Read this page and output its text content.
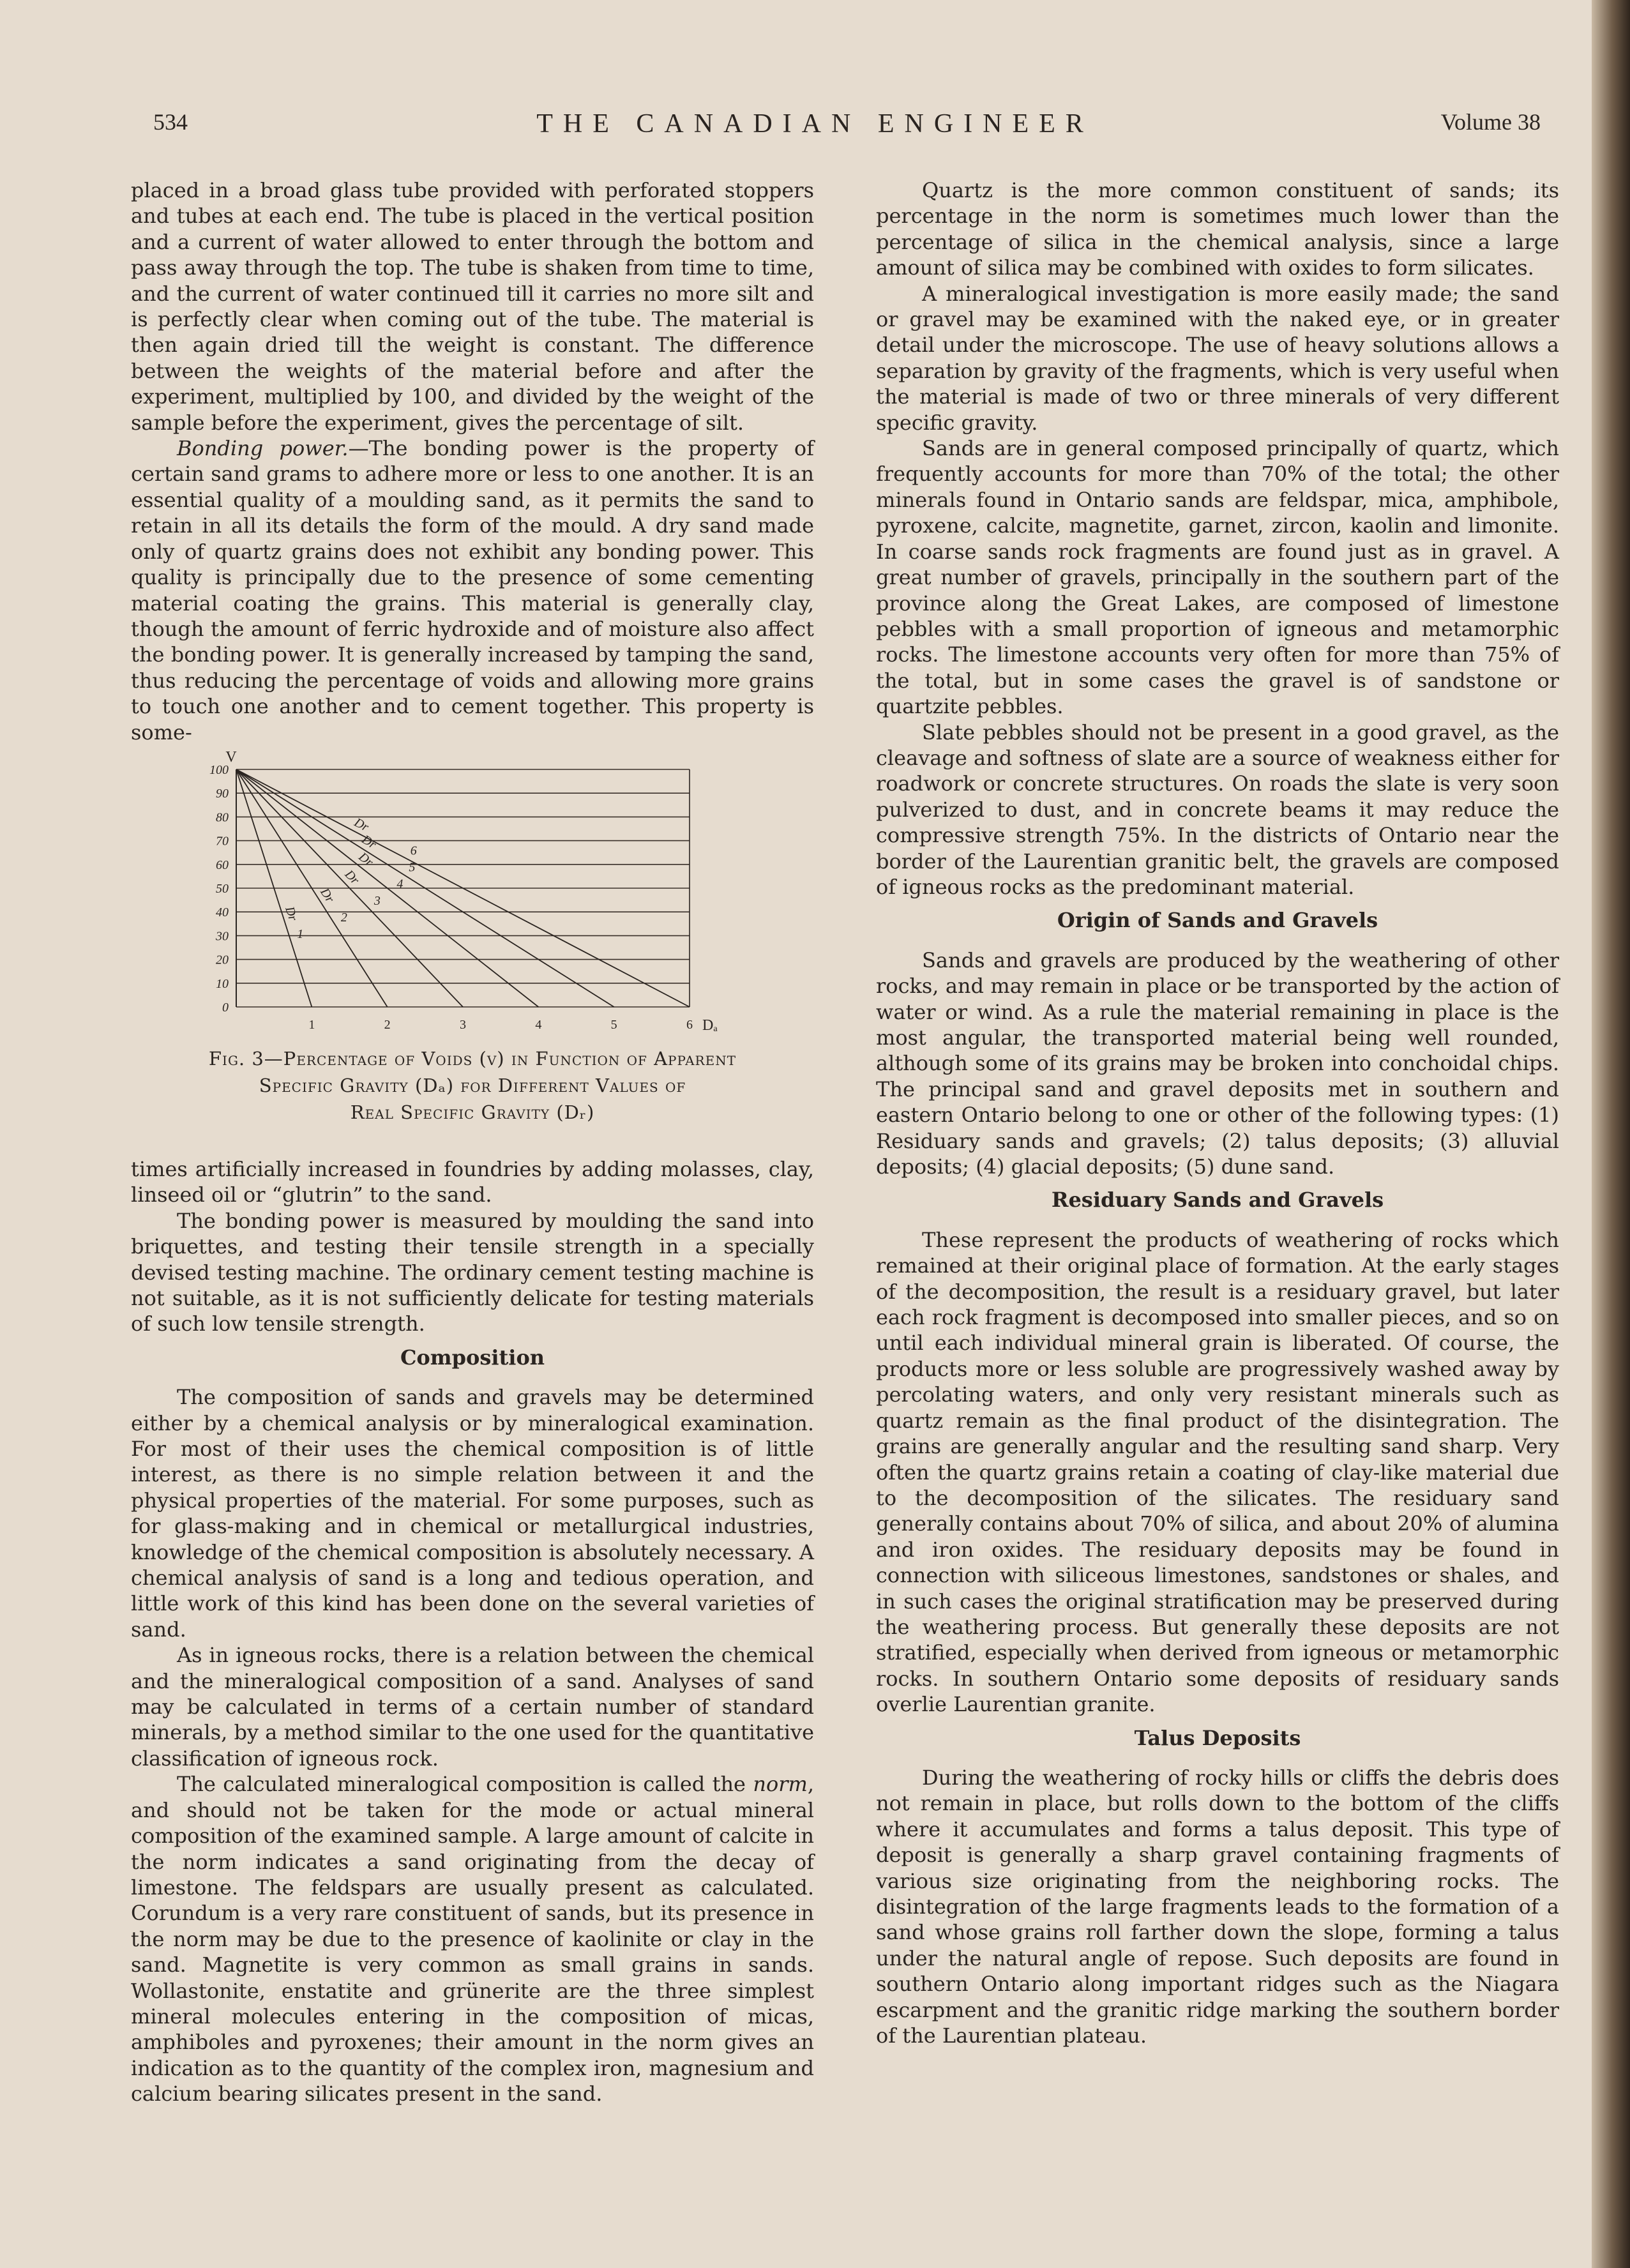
534	THE CANADIAN ENGINEER	Volume 38

placed in a broad glass tube provided with perforated stoppers and tubes at each end. The tube is placed in the vertical position and a current of water allowed to enter through the bottom and pass away through the top. The tube is shaken from time to time, and the current of water continued till it carries no more silt and is perfectly clear when coming out of the tube. The material is then again dried till the weight is constant. The difference between the weights of the material before and after the experiment, multiplied by 100, and divided by the weight of the sample before the experiment, gives the percentage of silt.

Bonding power.—The bonding power is the property of certain sand grams to adhere more or less to one another. It is an essential quality of a moulding sand, as it permits the sand to retain in all its details the form of the mould. A dry sand made only of quartz grains does not exhibit any bonding power. This quality is principally due to the presence of some cementing material coating the grains. This material is generally clay, though the amount of ferric hydroxide and of moisture also affect the bonding power. It is generally increased by tamping the sand, thus reducing the percentage of voids and allowing more grains to touch one another and to cement together. This property is some-

100
90
80
70
60
50
40
30
20
10
0
1	2	3	4	5	6
V
Dₐ
Dr
1
Dr
2
Dr
3
Dr
4
Dr
5
Dr
6
Fig. 3—Percentage of Voids (v) in Function of Apparent
Specific Gravity (Dₐ) for Different Values of
Real Specific Gravity (Dᵣ)

times artificially increased in foundries by adding molasses, clay, linseed oil or “glutrin” to the sand.

The bonding power is measured by moulding the sand into briquettes, and testing their tensile strength in a specially devised testing machine. The ordinary cement testing machine is not suitable, as it is not sufficiently delicate for testing materials of such low tensile strength.

Composition

The composition of sands and gravels may be determined either by a chemical analysis or by mineralogical examination. For most of their uses the chemical composition is of little interest, as there is no simple relation between it and the physical properties of the material. For some purposes, such as for glass-making and in chemical or metallurgical industries, knowledge of the chemical composition is absolutely necessary. A chemical analysis of sand is a long and tedious operation, and little work of this kind has been done on the several varieties of sand.

As in igneous rocks, there is a relation between the chemical and the mineralogical composition of a sand. Analyses of sand may be calculated in terms of a certain number of standard minerals, by a method similar to the one used for the quantitative classification of igneous rock.

The calculated mineralogical composition is called the norm, and should not be taken for the mode or actual mineral composition of the examined sample. A large amount of calcite in the norm indicates a sand originating from the decay of limestone. The feldspars are usually present as calculated. Corundum is a very rare constituent of sands, but its presence in the norm may be due to the presence of kaolinite or clay in the sand. Magnetite is very common as small grains in sands. Wollastonite, enstatite and grünerite are the three simplest mineral molecules entering in the composition of micas, amphiboles and pyroxenes; their amount in the norm gives an indication as to the quantity of the complex iron, magnesium and calcium bearing silicates present in the sand.

Quartz is the more common constituent of sands; its percentage in the norm is sometimes much lower than the percentage of silica in the chemical analysis, since a large amount of silica may be combined with oxides to form silicates.

A mineralogical investigation is more easily made; the sand or gravel may be examined with the naked eye, or in greater detail under the microscope. The use of heavy solutions allows a separation by gravity of the fragments, which is very useful when the material is made of two or three minerals of very different specific gravity.

Sands are in general composed principally of quartz, which frequently accounts for more than 70% of the total; the other minerals found in Ontario sands are feldspar, mica, amphibole, pyroxene, calcite, magnetite, garnet, zircon, kaolin and limonite. In coarse sands rock fragments are found just as in gravel. A great number of gravels, principally in the southern part of the province along the Great Lakes, are composed of limestone pebbles with a small proportion of igneous and metamorphic rocks. The limestone accounts very often for more than 75% of the total, but in some cases the gravel is of sandstone or quartzite pebbles.

Slate pebbles should not be present in a good gravel, as the cleavage and softness of slate are a source of weakness either for roadwork or concrete structures. On roads the slate is very soon pulverized to dust, and in concrete beams it may reduce the compressive strength 75%. In the districts of Ontario near the border of the Laurentian granitic belt, the gravels are composed of igneous rocks as the predominant material.

Origin of Sands and Gravels

Sands and gravels are produced by the weathering of other rocks, and may remain in place or be transported by the action of water or wind. As a rule the material remaining in place is the most angular, the transported material being well rounded, although some of its grains may be broken into conchoidal chips. The principal sand and gravel deposits met in southern and eastern Ontario belong to one or other of the following types: (1) Residuary sands and gravels; (2) talus deposits; (3) alluvial deposits; (4) glacial deposits; (5) dune sand.

Residuary Sands and Gravels

These represent the products of weathering of rocks which remained at their original place of formation. At the early stages of the decomposition, the result is a residuary gravel, but later each rock fragment is decomposed into smaller pieces, and so on until each individual mineral grain is liberated. Of course, the products more or less soluble are progressively washed away by percolating waters, and only very resistant minerals such as quartz remain as the final product of the disintegration. The grains are generally angular and the resulting sand sharp. Very often the quartz grains retain a coating of clay-like material due to the decomposition of the silicates. The residuary sand generally contains about 70% of silica, and about 20% of alumina and iron oxides. The residuary deposits may be found in connection with siliceous limestones, sandstones or shales, and in such cases the original stratification may be preserved during the weathering process. But generally these deposits are not stratified, especially when derived from igneous or metamorphic rocks. In southern Ontario some deposits of residuary sands overlie Laurentian granite.

Talus Deposits

During the weathering of rocky hills or cliffs the debris does not remain in place, but rolls down to the bottom of the cliffs where it accumulates and forms a talus deposit. This type of deposit is generally a sharp gravel containing fragments of various size originating from the neighboring rocks. The disintegration of the large fragments leads to the formation of a sand whose grains roll farther down the slope, forming a talus under the natural angle of repose. Such deposits are found in southern Ontario along important ridges such as the Niagara escarpment and the granitic ridge marking the southern border of the Laurentian plateau.
